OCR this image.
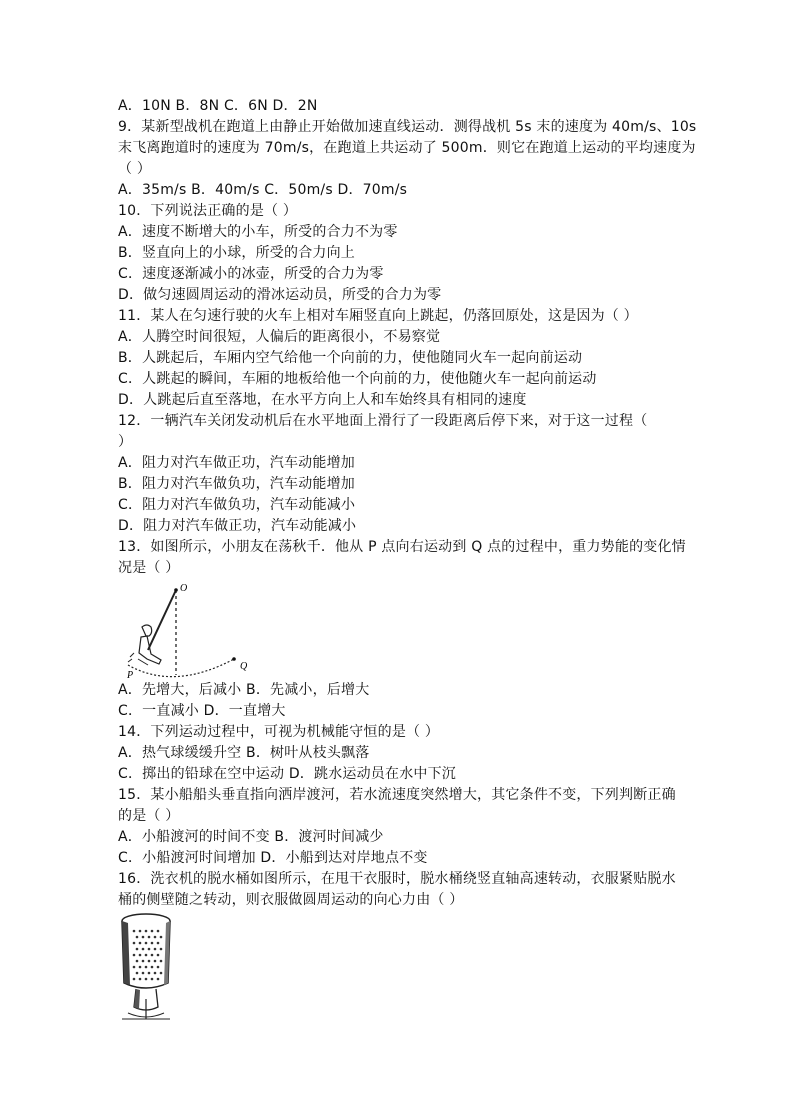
A．10N B．8N C．6N D．2N
9．某新型战机在跑道上由静止开始做加速直线运动．测得战机 5s 末的速度为 40m/s、10s
末飞离跑道时的速度为 70m/s，在跑道上共运动了 500m．则它在跑道上运动的平均速度为
（ ）
A．35m/s B．40m/s C．50m/s D．70m/s
10．下列说法正确的是（ ）
A．速度不断增大的小车，所受的合力不为零
B．竖直向上的小球，所受的合力向上
C．速度逐渐减小的冰壶，所受的合力为零
D．做匀速圆周运动的滑冰运动员，所受的合力为零
11．某人在匀速行驶的火车上相对车厢竖直向上跳起，仍落回原处，这是因为（ ）
A．人腾空时间很短，人偏后的距离很小，不易察觉
B．人跳起后，车厢内空气给他一个向前的力，使他随同火车一起向前运动
C．人跳起的瞬间，车厢的地板给他一个向前的力，使他随火车一起向前运动
D．人跳起后直至落地，在水平方向上人和车始终具有相同的速度
12．一辆汽车关闭发动机后在水平地面上滑行了一段距离后停下来，对于这一过程（
）
A．阻力对汽车做正功，汽车动能增加
B．阻力对汽车做负功，汽车动能增加
C．阻力对汽车做负功，汽车动能减小
D．阻力对汽车做正功，汽车动能减小
13．如图所示，小朋友在荡秋千．他从 P 点向右运动到 Q 点的过程中，重力势能的变化情
况是（ ）
O
P
Q
A．先增大，后减小 B．先减小，后增大
C．一直减小 D．一直增大
14．下列运动过程中，可视为机械能守恒的是（ ）
A．热气球缓缓升空 B．树叶从枝头飘落
C．掷出的铅球在空中运动 D．跳水运动员在水中下沉
15．某小船船头垂直指向洒岸渡河，若水流速度突然增大，其它条件不变，下列判断正确
的是（ ）
A．小船渡河的时间不变 B．渡河时间减少
C．小船渡河时间增加 D．小船到达对岸地点不变
16．洗衣机的脱水桶如图所示，在甩干衣服时，脱水桶绕竖直轴高速转动，衣服紧贴脱水
桶的侧壁随之转动，则衣服做圆周运动的向心力由（ ）
